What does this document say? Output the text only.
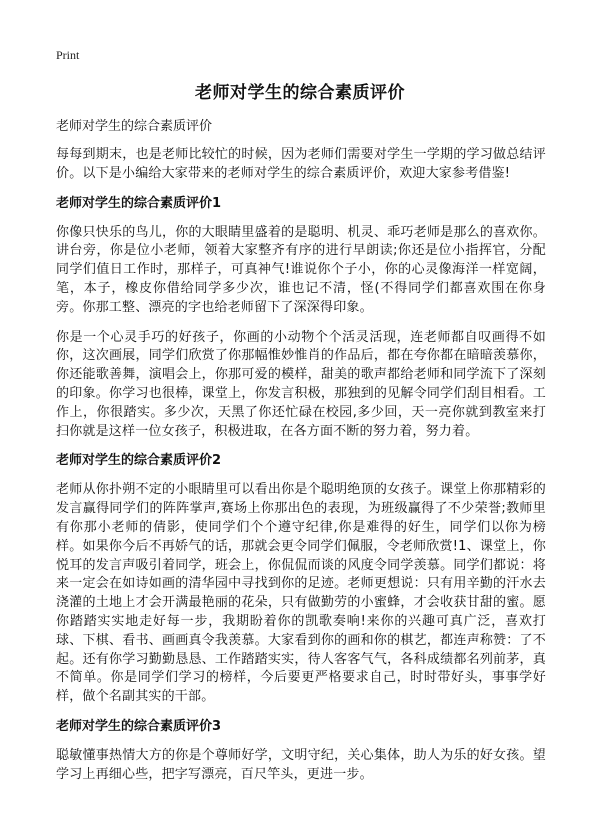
Print
老师对学生的综合素质评价

老师对学生的综合素质评价

每每到期末，也是老师比较忙的时候，因为老师们需要对学生一学期的学习做总结评价。以下是小编给大家带来的老师对学生的综合素质评价，欢迎大家参考借鉴!

老师对学生的综合素质评价1

你像只快乐的鸟儿，你的大眼睛里盛着的是聪明、机灵、乖巧老师是那么的喜欢你。讲台旁，你是位小老师，领着大家整齐有序的进行早朗读;你还是位小指挥官，分配同学们值日工作时，那样子，可真神气!谁说你个子小，你的心灵像海洋一样宽阔，笔，本子，橡皮你借给同学多少次，谁也记不清，怪(不得同学们都喜欢围在你身旁。你那工整、漂亮的字也给老师留下了深深得印象。

你是一个心灵手巧的好孩子，你画的小动物个个活灵活现，连老师都自叹画得不如你，这次画展，同学们欣赏了你那幅惟妙惟肖的作品后，都在夸你都在暗暗羡慕你，你还能歌善舞，演唱会上，你那可爱的模样，甜美的歌声都给老师和同学流下了深刻的印象。你学习也很棒，课堂上，你发言积极，那独到的见解令同学们刮目相看。工作上，你很踏实。多少次，天黑了你还忙碌在校园,多少回，天一亮你就到教室来打扫你就是这样一位女孩子，积极进取，在各方面不断的努力着，努力着。

老师对学生的综合素质评价2

老师从你扑朔不定的小眼睛里可以看出你是个聪明绝顶的女孩子。课堂上你那精彩的发言赢得同学们的阵阵掌声,赛场上你那出色的表现，为班级赢得了不少荣誉;教师里有你那小老师的倩影，使同学们个个遵守纪律,你是难得的好生，同学们以你为榜样。如果你今后不再娇气的话，那就会更令同学们佩服，令老师欣赏!1、课堂上，你悦耳的发言声吸引着同学，班会上，你侃侃而谈的风度令同学羡慕。同学们都说：将来一定会在如诗如画的清华园中寻找到你的足迹。老师更想说：只有用辛勤的汗水去浇灌的土地上才会开满最艳丽的花朵，只有做勤劳的小蜜蜂，才会收获甘甜的蜜。愿你踏踏实实地走好每一步，我期盼着你的凯歌奏响!来你的兴趣可真广泛，喜欢打球、下棋、看书、画画真令我羡慕。大家看到你的画和你的棋艺，都连声称赞：了不起。还有你学习勤勤恳恳、工作踏踏实实，待人客客气气，各科成绩都名列前茅，真不简单。你是同学们学习的榜样，今后要更严格要求自己，时时带好头，事事学好样，做个名副其实的干部。

老师对学生的综合素质评价3

聪敏懂事热情大方的你是个尊师好学，文明守纪，关心集体，助人为乐的好女孩。望学习上再细心些，把字写漂亮，百尺竿头，更进一步。
